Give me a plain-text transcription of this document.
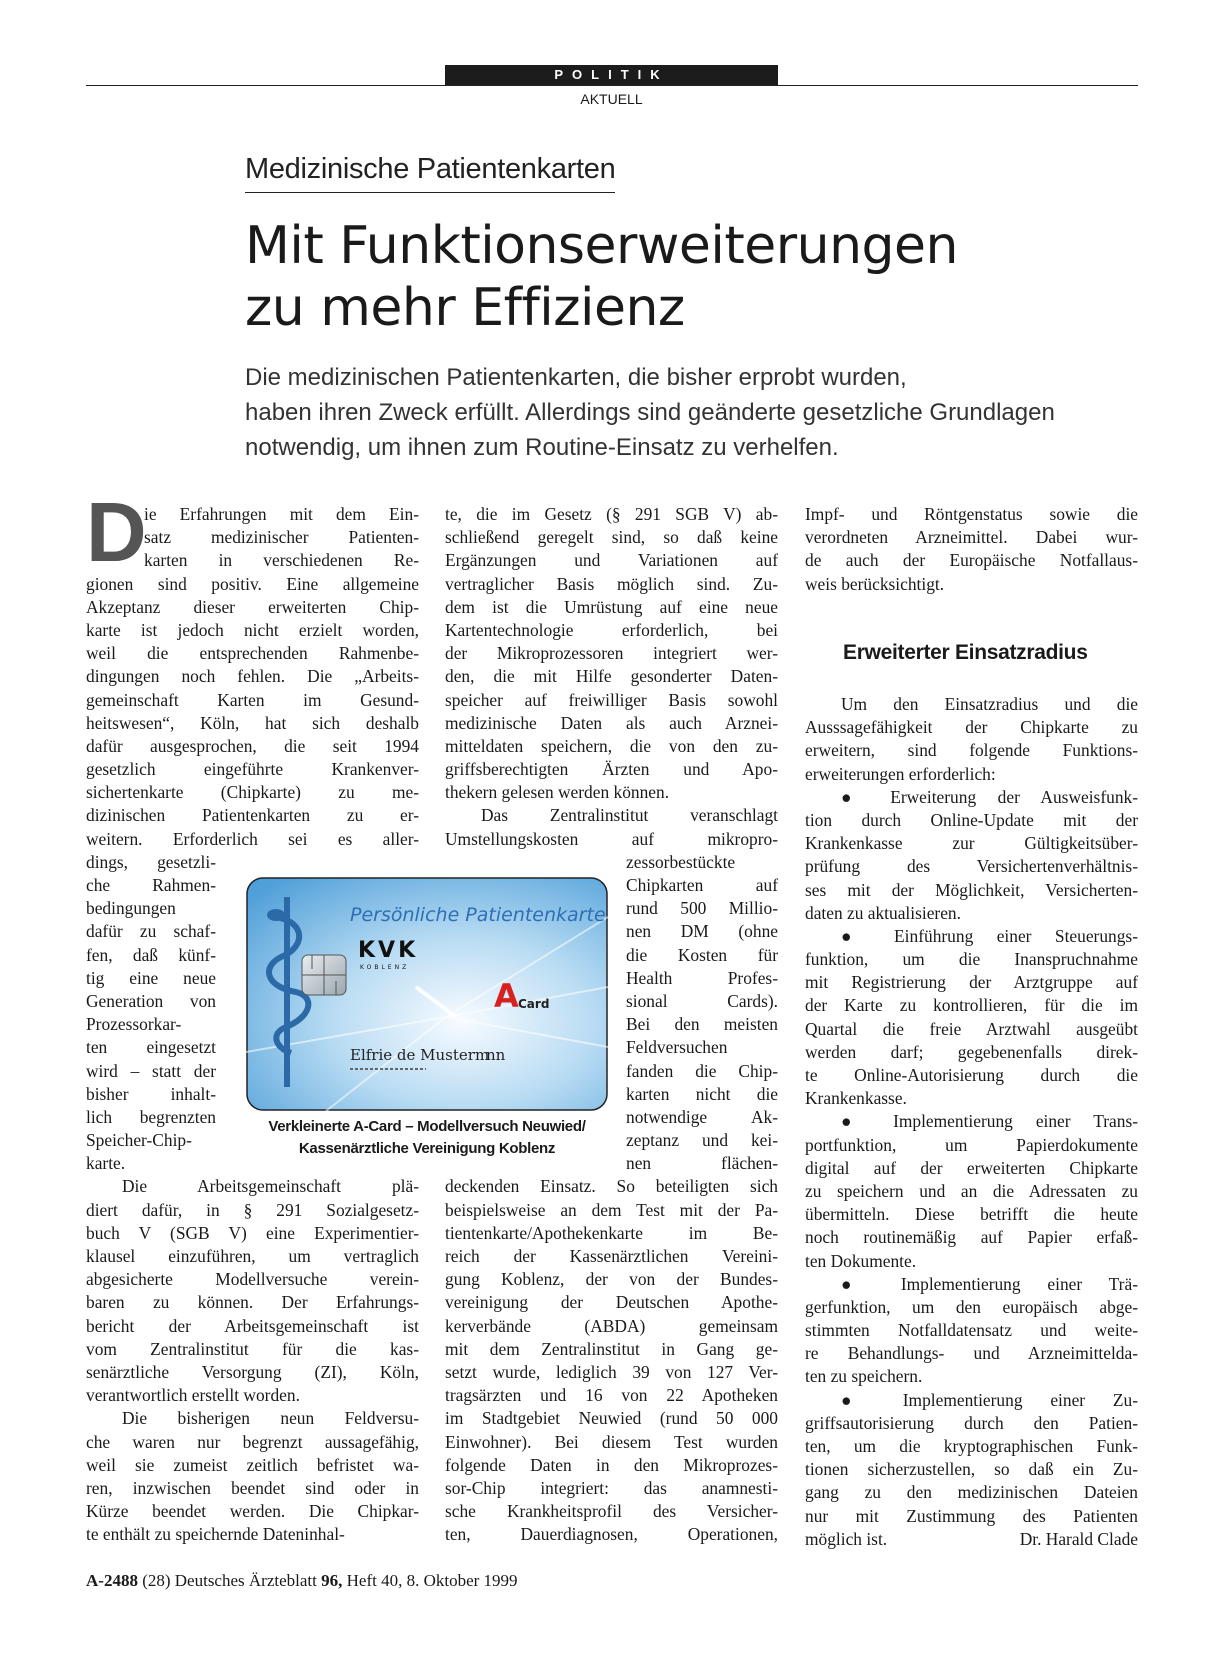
POLITIK
AKTUELL
Medizinische Patientenkarten
Mit Funktionserweiterungen
zu mehr Effizienz
Die medizinischen Patientenkarten, die bisher erprobt wurden,
haben ihren Zweck erfüllt. Allerdings sind geänderte gesetzliche Grundlagen
notwendig, um ihnen zum Routine-Einsatz zu verhelfen.
D
ie Erfahrungen mit dem Ein-
satz medizinischer Patienten-
karten in verschiedenen Re-
gionen sind positiv. Eine allgemeine
Akzeptanz dieser erweiterten Chip-
karte ist jedoch nicht erzielt worden,
weil die entsprechenden Rahmenbe-
dingungen noch fehlen. Die „Arbeits-
gemeinschaft Karten im Gesund-
heitswesen“, Köln, hat sich deshalb
dafür ausgesprochen, die seit 1994
gesetzlich eingeführte Krankenver-
sichertenkarte (Chipkarte) zu me-
dizinischen Patientenkarten zu er-
weitern. Erforderlich sei es aller-
dings, gesetzli-
che Rahmen-
bedingungen
dafür zu schaf-
fen, daß künf-
tig eine neue
Generation von
Prozessorkar-
ten eingesetzt
wird – statt der
bisher inhalt-
lich begrenzten
Speicher-Chip-
karte.
Die Arbeitsgemeinschaft plä-
diert dafür, in § 291 Sozialgesetz-
buch V (SGB V) eine Experimentier-
klausel einzuführen, um vertraglich
abgesicherte Modellversuche verein-
baren zu können. Der Erfahrungs-
bericht der Arbeitsgemeinschaft ist
vom Zentralinstitut für die kas-
senärztliche Versorgung (ZI), Köln,
verantwortlich erstellt worden.
Die bisherigen neun Feldversu-
che waren nur begrenzt aussagefähig,
weil sie zumeist zeitlich befristet wa-
ren, inzwischen beendet sind oder in
Kürze beendet werden. Die Chipkar-
te enthält zu speichernde Dateninhal-
te, die im Gesetz (§ 291 SGB V) ab-
schließend geregelt sind, so daß keine
Ergänzungen und Variationen auf
vertraglicher Basis möglich sind. Zu-
dem ist die Umrüstung auf eine neue
Kartentechnologie erforderlich, bei
der Mikroprozessoren integriert wer-
den, die mit Hilfe gesonderter Daten-
speicher auf freiwilliger Basis sowohl
medizinische Daten als auch Arznei-
mitteldaten speichern, die von den zu-
griffsberechtigten Ärzten und Apo-
thekern gelesen werden können.
Das Zentralinstitut veranschlagt
Umstellungskosten auf mikropro-
zessorbestückte
Chipkarten auf
rund 500 Millio-
nen DM (ohne
die Kosten für
Health Profes-
sional Cards).
Bei den meisten
Feldversuchen
fanden die Chip-
karten nicht die
notwendige Ak-
zeptanz und kei-
nen flächen-
deckenden Einsatz. So beteiligten sich
beispielsweise an dem Test mit der Pa-
tientenkarte/Apothekenkarte im Be-
reich der Kassenärztlichen Vereini-
gung Koblenz, der von der Bundes-
vereinigung der Deutschen Apothe-
kerverbände (ABDA) gemeinsam
mit dem Zentralinstitut in Gang ge-
setzt wurde, lediglich 39 von 127 Ver-
tragsärzten und 16 von 22 Apotheken
im Stadtgebiet Neuwied (rund 50 000
Einwohner). Bei diesem Test wurden
folgende Daten in den Mikroprozes-
sor-Chip integriert: das anamnesti-
sche Krankheitsprofil des Versicher-
ten, Dauerdiagnosen, Operationen,
Impf- und Röntgenstatus sowie die
verordneten Arzneimittel. Dabei wur-
de auch der Europäische Notfallaus-
weis berücksichtigt.
Erweiterter Einsatzradius
Um den Einsatzradius und die
Ausssagefähigkeit der Chipkarte zu
erweitern, sind folgende Funktions-
erweiterungen erforderlich:
● Erweiterung der Ausweisfunk-
tion durch Online-Update mit der
Krankenkasse zur Gültigkeitsüber-
prüfung des Versichertenverhältnis-
ses mit der Möglichkeit, Versicherten-
daten zu aktualisieren.
● Einführung einer Steuerungs-
funktion, um die Inanspruchnahme
mit Registrierung der Arztgruppe auf
der Karte zu kontrollieren, für die im
Quartal die freie Arztwahl ausgeübt
werden darf; gegebenenfalls direk-
te Online-Autorisierung durch die
Krankenkasse.
● Implementierung einer Trans-
portfunktion, um Papierdokumente
digital auf der erweiterten Chipkarte
zu speichern und an die Adressaten zu
übermitteln. Diese betrifft die heute
noch routinemäßig auf Papier erfaß-
ten Dokumente.
● Implementierung einer Trä-
gerfunktion, um den europäisch abge-
stimmten Notfalldatensatz und weite-
re Behandlungs- und Arzneimittelda-
ten zu speichern.
● Implementierung einer Zu-
griffsautorisierung durch den Patien-
ten, um die kryptographischen Funk-
tionen sicherzustellen, so daß ein Zu-
gang zu den medizinischen Dateien
nur mit Zustimmung des Patienten
möglich ist.	Dr. Harald Clade
Persönliche Patientenkarte
KVK
KOBLENZ
A Card
Elfrie de Musterm
nn
Verkleinerte A-Card – Modellversuch Neuwied/
Kassenärztliche Vereinigung Koblenz
A-2488 (28) Deutsches Ärzteblatt 96, Heft 40, 8. Oktober 1999
